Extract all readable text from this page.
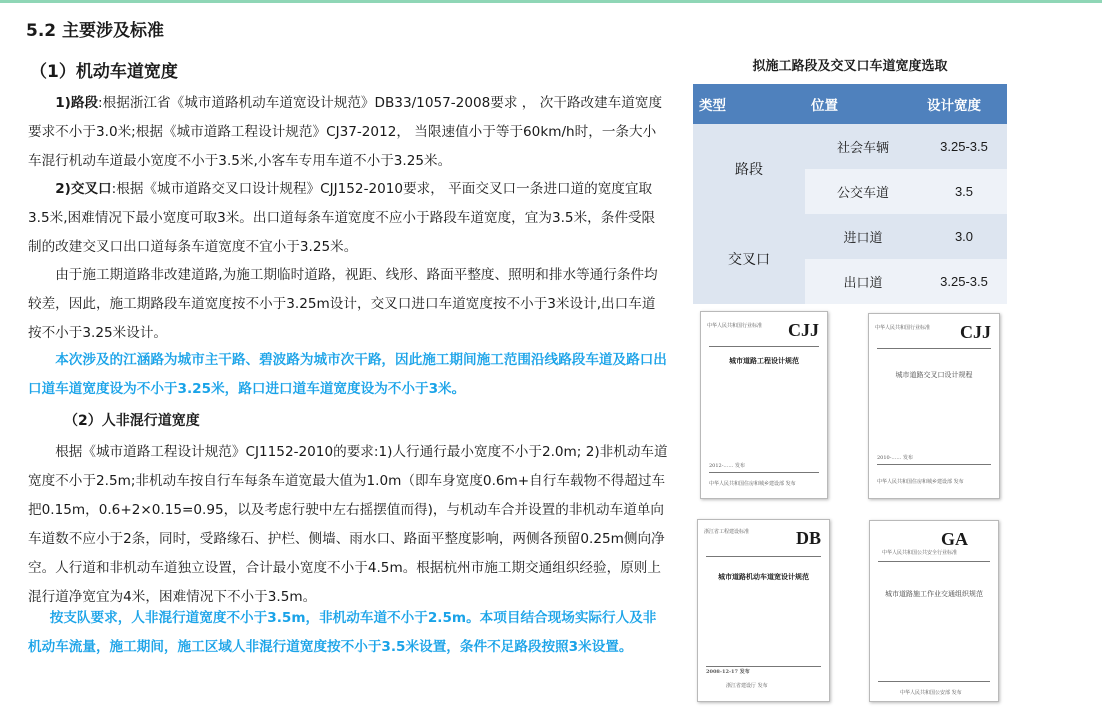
5.2 主要涉及标准
（1）机动车道宽度

1)路段:根据浙江省《城市道路机动车道宽设计规范》DB33/1057-2008要求 ， 次干路改建车道宽度要求不小于3.0米;根据《城市道路工程设计规范》CJ37-2012， 当限速值小于等于60km/h时，一条大小车混行机动车道最小宽度不小于3.5米,小客车专用车道不小于3.25米。

2)交叉口:根据《城市道路交叉口设计规程》CJJ152-2010要求， 平面交叉口一条进口道的宽度宜取3.5米,困难情况下最小宽度可取3米。出口道每条车道宽度不应小于路段车道宽度，宜为3.5米，条件受限制的改建交叉口出口道每条车道宽度不宜小于3.25米。

由于施工期道路非改建道路,为施工期临时道路，视距、线形、路面平整度、照明和排水等通行条件均较差，因此，施工期路段车道宽度按不小于3.25m设计，交叉口进口车道宽度按不小于3米设计,出口车道按不小于3.25米设计。

本次涉及的江涵路为城市主干路、碧波路为城市次干路，因此施工期间施工范围沿线路段车道及路口出口道车道宽度设为不小于3.25米，路口进口道车道宽度设为不小于3米。

（2）人非混行道宽度

根据《城市道路工程设计规范》CJ1152-2010的要求:1)人行通行最小宽度不小于2.0m; 2)非机动车道宽度不小于2.5m;非机动车按自行车每条车道宽最大值为1.0m（即车身宽度0.6m+自行车载物不得超过车把0.15m，0.6+2×0.15=0.95，以及考虑行驶中左右摇摆值而得)，与机动车合并设置的非机动车道单向车道数不应小于2条，同时，受路缘石、护栏、侧墙、雨水口、路面平整度影响，两侧各预留0.25m侧向净空。人行道和非机动车道独立设置，合计最小宽度不小于4.5m。根据杭州市施工期交通组织经验，原则上混行道净宽宜为4米，困难情况下不小于3.5m。

按支队要求，人非混行道宽度不小于3.5m，非机动车道不小于2.5m。本项目结合现场实际行人及非机动车流量，施工期间，施工区域人非混行道宽度按不小于3.5米设置，条件不足路段按照3米设置。

拟施工路段及交叉口车道宽度选取
类型	位置	设计宽度
路段	社会车辆	3.25-3.5
	公交车道	3.5
交叉口	进口道	3.0
	出口道	3.25-3.5
中华人民共和国行业标准 CJJ
城市道路工程设计规范
2012-…… 发布
中华人民共和国住房和城乡建设部 发布
中华人民共和国行业标准 CJJ
城市道路交叉口设计规程
2010-…… 发布
中华人民共和国住房和城乡建设部 发布
浙江省工程建设标准	DB
城市道路机动车道宽设计规范
2008-12-17 发布
浙江省建设厅 发布
GA
中华人民共和国公共安全行业标准
城市道路施工作业交通组织规范
中华人民共和国公安部 发布
